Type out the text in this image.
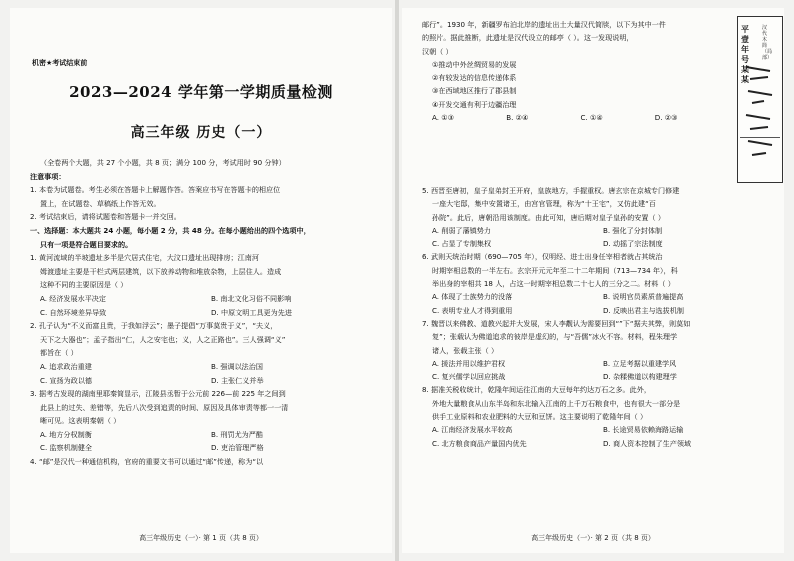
机密★考试结束前
2023—2024 学年第一学期质量检测
高三年级 历史（一）

（全卷两个大题，共 27 个小题，共 8 页；满分 100 分，考试用时 90 分钟）

注意事项：

1. 本卷为试题卷。考生必须在答题卡上解题作答。答案应书写在答题卡的相应位

置上，在试题卷、草稿纸上作答无效。

2. 考试结束后，请将试题卷和答题卡一并交回。

一、选择题：本大题共 24 小题，每小题 2 分，共 48 分。在每小题给出的四个选项中，

只有一项是符合题目要求的。

1. 黄河流域的半坡遗址多半是穴居式住宅，大汶口遗址出现排房；江南河

姆渡遗址主要是干栏式两层建筑，以下放养动物和堆放杂物，上层住人。造成

这种不同的主要原因是（ ）

A. 经济发展水平决定	B. 南北文化习俗不同影响
C. 自然环境差异导致	D. 中原文明工具更为先进

2. 孔子认为“不义而富且贵，于我如浮云”；墨子提倡“万事莫贵于义”，“夫义，

天下之大器也”；孟子指出“仁，人之安宅也；义，人之正路也”。三人强调“义”

都旨在（ ）

A. 追求政治重建	B. 强调以法治国
C. 宣扬为政以德	D. 主张仁义并举

3. 据考古发现的湖南里耶秦简显示，江陵县丞暂于公元前 226—前 225 年之间到

此县上的过失、差错等，先后八次受到追责的时间、原因及具体审责等都一一清

晰可见。这表明秦朝（ ）

A. 地方分权制衡	B. 刑罚尤为严酷
C. 监察机制健全	D. 吏治管理严格

4. “邮”是汉代一种通信机构，官府的重要文书可以通过“邮”传递，称为“以

高三年级历史（一）· 第 1 页（共 8 页）

邮行”。1930 年，新疆罗布泊北岸的遗址出土大量汉代简牍，以下为其中一件

的照片。据此推断，此遗址是汉代设立的邮亭（ ）。这一发现说明，

汉朝（ ）

①推动中外丝绸贸易的发展

②有较发达的信息传递体系

③在西域地区推行了郡县制

④开发交通有利于边疆治理

A. ①③	B. ②④	C. ①④	D. ②③
平壹年号某某
汉代木简（局部）

5. 西晋至唐初，皇子皇弟封王开府，皇族地方，手握重权。唐玄宗在京城专门修建

一座大宅邸，集中安置诸王，由宫官管理，称为“十王宅”，又仿此建“百

孙院”。此后，唐朝沿用该制度。由此可知，唐后期对皇子皇孙的安置（ ）

A. 削弱了藩镇势力	B. 强化了分封体制
C. 占显了专制集权	D. 动摇了宗法制度

6. 武则天统治时期（690—705 年），仅明经、进士出身任宰相者就占其统治

时期宰相总数的一半左右。玄宗开元元年至二十二年期间（713—734 年），科

举出身的宰相共 18 人，占这一时期宰相总数二十七人的三分之二。材料（ ）

A. 体现了士族势力的没落	B. 说明官员素质普遍提高
C. 表明专业人才得到重用	D. 反映出君主与选拔机制

7. 魏晋以来佛教、道教兴起并大发展，宋人李觏认为需要回到“”下“据夫其弊，则莫如

复”；张载认为佛道追求的彼岸是虚幻的，与“吾儒”冰火不容。材料，程朱理学

诸人，张载主张（ ）

A. 援法并用以维护君权	B. 立足考据以重建学风
C. 复兴儒学以回应挑战	D. 杂糅佛道以构建理学

8. 据准关税收统计，乾隆年间运往江南的大豆每年约达万石之多。此外，

外地大量粮食从山东半岛和东北输入江南的上千万石粮食中，也有很大一部分是

供手工业原料和农业肥料的大豆和豆饼。这主要说明了乾隆年间（ ）

A. 江南经济发展水平较高	B. 长途贸易依赖海路运输
C. 北方粮食商品产量国内优先	D. 商人资本控制了生产领域
高三年级历史（一）· 第 2 页（共 8 页）
